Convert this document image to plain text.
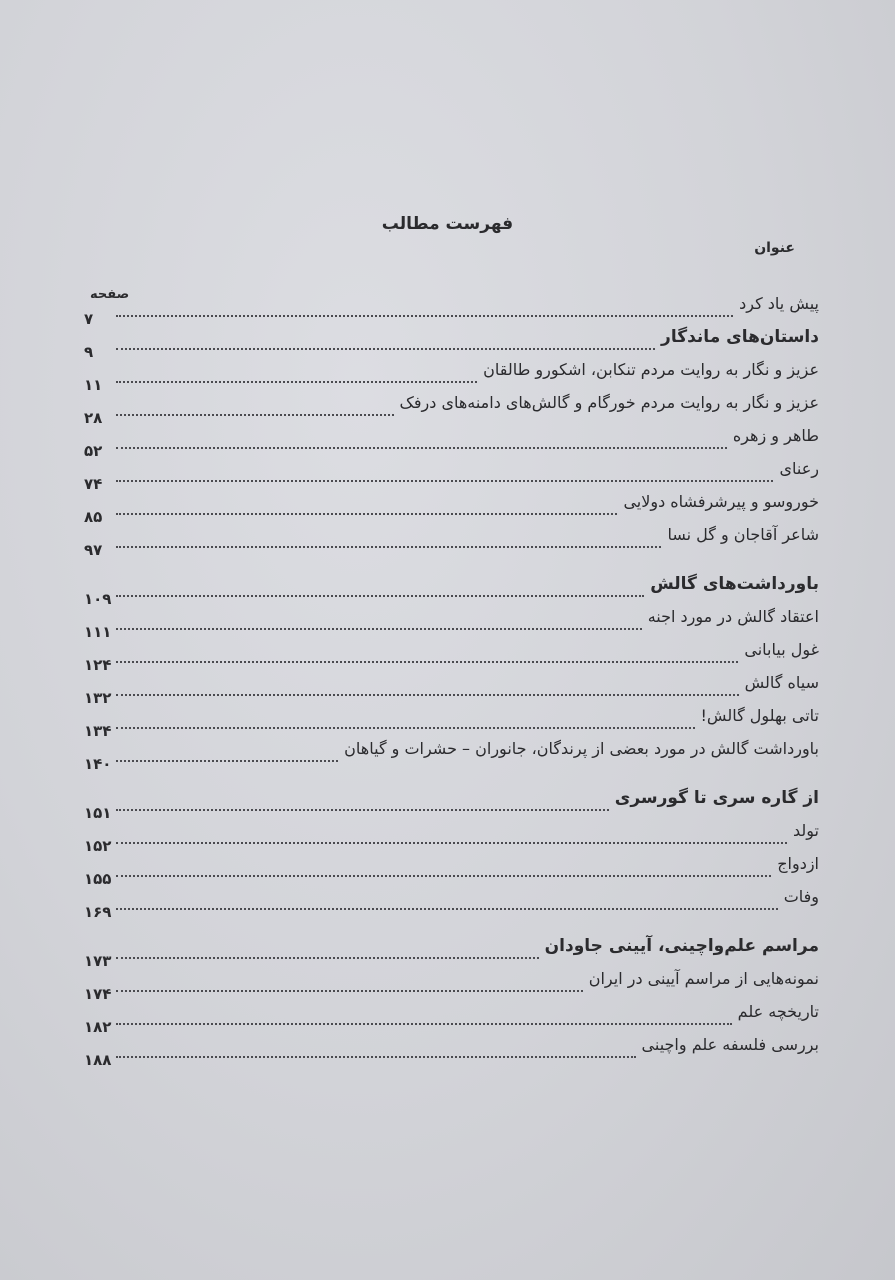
فهرست مطالب
عنوان
صفحه	پیش یاد کرد
۷
داستان‌های ماندگار
۹
عزیز و نگار به روایت مردم تنکابن، اشکورو طالقان
۱۱
عزیز و نگار به روایت مردم خورگام و گالش‌های دامنه‌های درفک
۲۸
طاهر و زهره
۵۲
رعنای
۷۴
خوروسو و پیرشرفشاه دولایی
۸۵
شاعر آقاجان و گل نسا
۹۷
باورداشت‌های گالش
۱۰۹
اعتقاد گالش در مورد اجنه
۱۱۱
غول بیابانی
۱۲۴
سیاه گالش
۱۳۲
تاتی بهلول گالش!
۱۳۴
باورداشت گالش در مورد بعضی از پرندگان، جانوران – حشرات و گیاهان
۱۴۰
از گاره سری تا گورسری
۱۵۱
تولد
۱۵۲
ازدواج
۱۵۵
وفات
۱۶۹
مراسم علم‌واچینی، آیینی جاودان
۱۷۳
نمونه‌هایی از مراسم آیینی در ایران
۱۷۴
تاریخچه علم
۱۸۲
بررسی فلسفه علم واچینی
۱۸۸
